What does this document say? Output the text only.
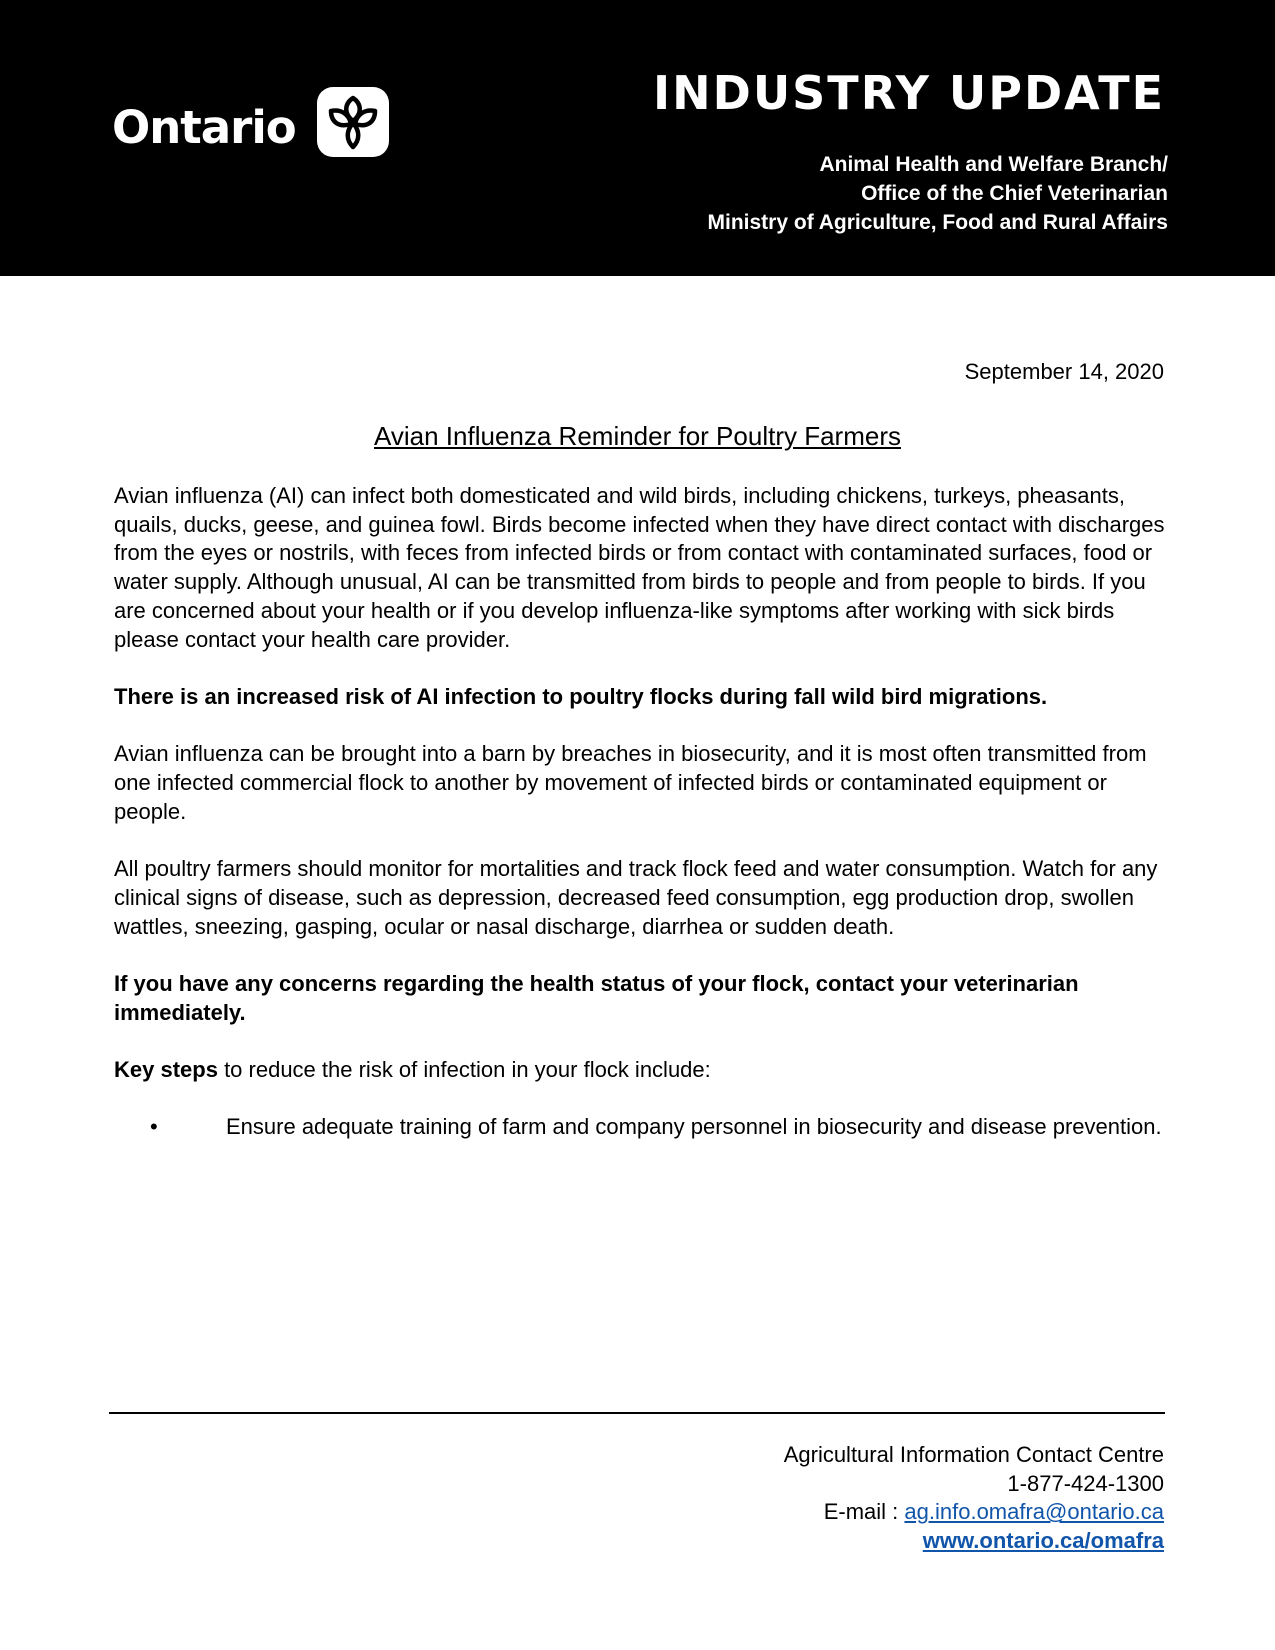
Ontario
INDUSTRY UPDATE
Animal Health and Welfare Branch/
Office of the Chief Veterinarian
Ministry of Agriculture, Food and Rural Affairs
September 14, 2020
Avian Influenza Reminder for Poultry Farmers

Avian influenza (AI) can infect both domesticated and wild birds, including chickens, turkeys, pheasants, quails, ducks, geese, and guinea fowl. Birds become infected when they have direct contact with discharges from the eyes or nostrils, with feces from infected birds or from contact with contaminated surfaces, food or water supply. Although unusual, AI can be transmitted from birds to people and from people to birds. If you are concerned about your health or if you develop influenza-like symptoms after working with sick birds please contact your health care provider.

There is an increased risk of AI infection to poultry flocks during fall wild bird migrations.

Avian influenza can be brought into a barn by breaches in biosecurity, and it is most often transmitted from one infected commercial flock to another by movement of infected birds or contaminated equipment or people.

All poultry farmers should monitor for mortalities and track flock feed and water consumption. Watch for any clinical signs of disease, such as depression, decreased feed consumption, egg production drop, swollen wattles, sneezing, gasping, ocular or nasal discharge, diarrhea or sudden death.

If you have any concerns regarding the health status of your flock, contact your veterinarian immediately.

Key steps to reduce the risk of infection in your flock include:

•	Ensure adequate training of farm and company personnel in biosecurity and disease prevention.
Agricultural Information Contact Centre
1-877-424-1300
E-mail : ag.info.omafra@ontario.ca
www.ontario.ca/omafra
